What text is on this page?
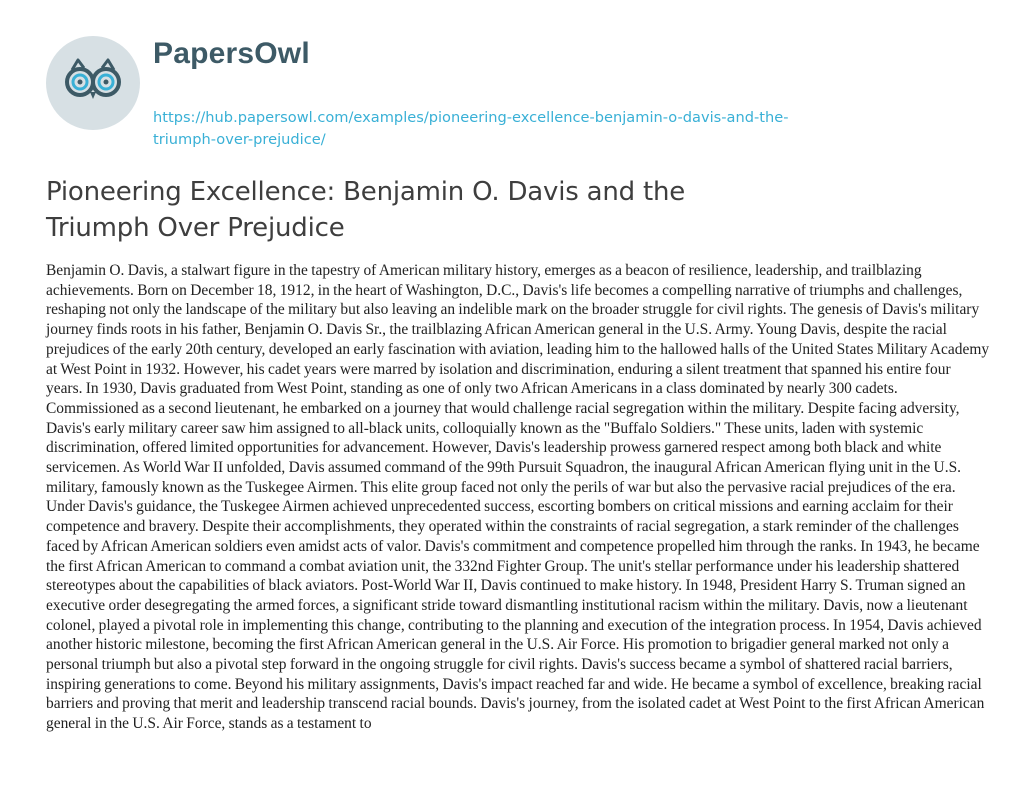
PapersOwl
https://hub.papersowl.com/examples/pioneering-excellence-benjamin-o-davis-and-the-
triumph-over-prejudice/
Pioneering Excellence: Benjamin O. Davis and the
Triumph Over Prejudice

Benjamin O. Davis, a stalwart figure in the tapestry of American military history, emerges as a beacon of resilience, leadership, and trailblazing achievements. Born on December 18, 1912, in the heart of Washington, D.C., Davis's life becomes a compelling narrative of triumphs and challenges, reshaping not only the landscape of the military but also leaving an indelible mark on the broader struggle for civil rights. The genesis of Davis's military journey finds roots in his father, Benjamin O. Davis Sr., the trailblazing African American general in the U.S. Army. Young Davis, despite the racial prejudices of the early 20th century, developed an early fascination with aviation, leading him to the hallowed halls of the United States Military Academy at West Point in 1932. However, his cadet years were marred by isolation and discrimination, enduring a silent treatment that spanned his entire four years. In 1930, Davis graduated from West Point, standing as one of only two African Americans in a class dominated by nearly 300 cadets. Commissioned as a second lieutenant, he embarked on a journey that would challenge racial segregation within the military. Despite facing adversity, Davis's early military career saw him assigned to all-black units, colloquially known as the "Buffalo Soldiers." These units, laden with systemic discrimination, offered limited opportunities for advancement. However, Davis's leadership prowess garnered respect among both black and white servicemen. As World War II unfolded, Davis assumed command of the 99th Pursuit Squadron, the inaugural African American flying unit in the U.S. military, famously known as the Tuskegee Airmen. This elite group faced not only the perils of war but also the pervasive racial prejudices of the era. Under Davis's guidance, the Tuskegee Airmen achieved unprecedented success, escorting bombers on critical missions and earning acclaim for their competence and bravery. Despite their accomplishments, they operated within the constraints of racial segregation, a stark reminder of the challenges faced by African American soldiers even amidst acts of valor. Davis's commitment and competence propelled him through the ranks. In 1943, he became the first African American to command a combat aviation unit, the 332nd Fighter Group. The unit's stellar performance under his leadership shattered stereotypes about the capabilities of black aviators. Post-World War II, Davis continued to make history. In 1948, President Harry S. Truman signed an executive order desegregating the armed forces, a significant stride toward dismantling institutional racism within the military. Davis, now a lieutenant colonel, played a pivotal role in implementing this change, contributing to the planning and execution of the integration process. In 1954, Davis achieved another historic milestone, becoming the first African American general in the U.S. Air Force. His promotion to brigadier general marked not only a personal triumph but also a pivotal step forward in the ongoing struggle for civil rights. Davis's success became a symbol of shattered racial barriers, inspiring generations to come. Beyond his military assignments, Davis's impact reached far and wide. He became a symbol of excellence, breaking racial barriers and proving that merit and leadership transcend racial bounds. Davis's journey, from the isolated cadet at West Point to the first African American general in the U.S. Air Force, stands as a testament to
